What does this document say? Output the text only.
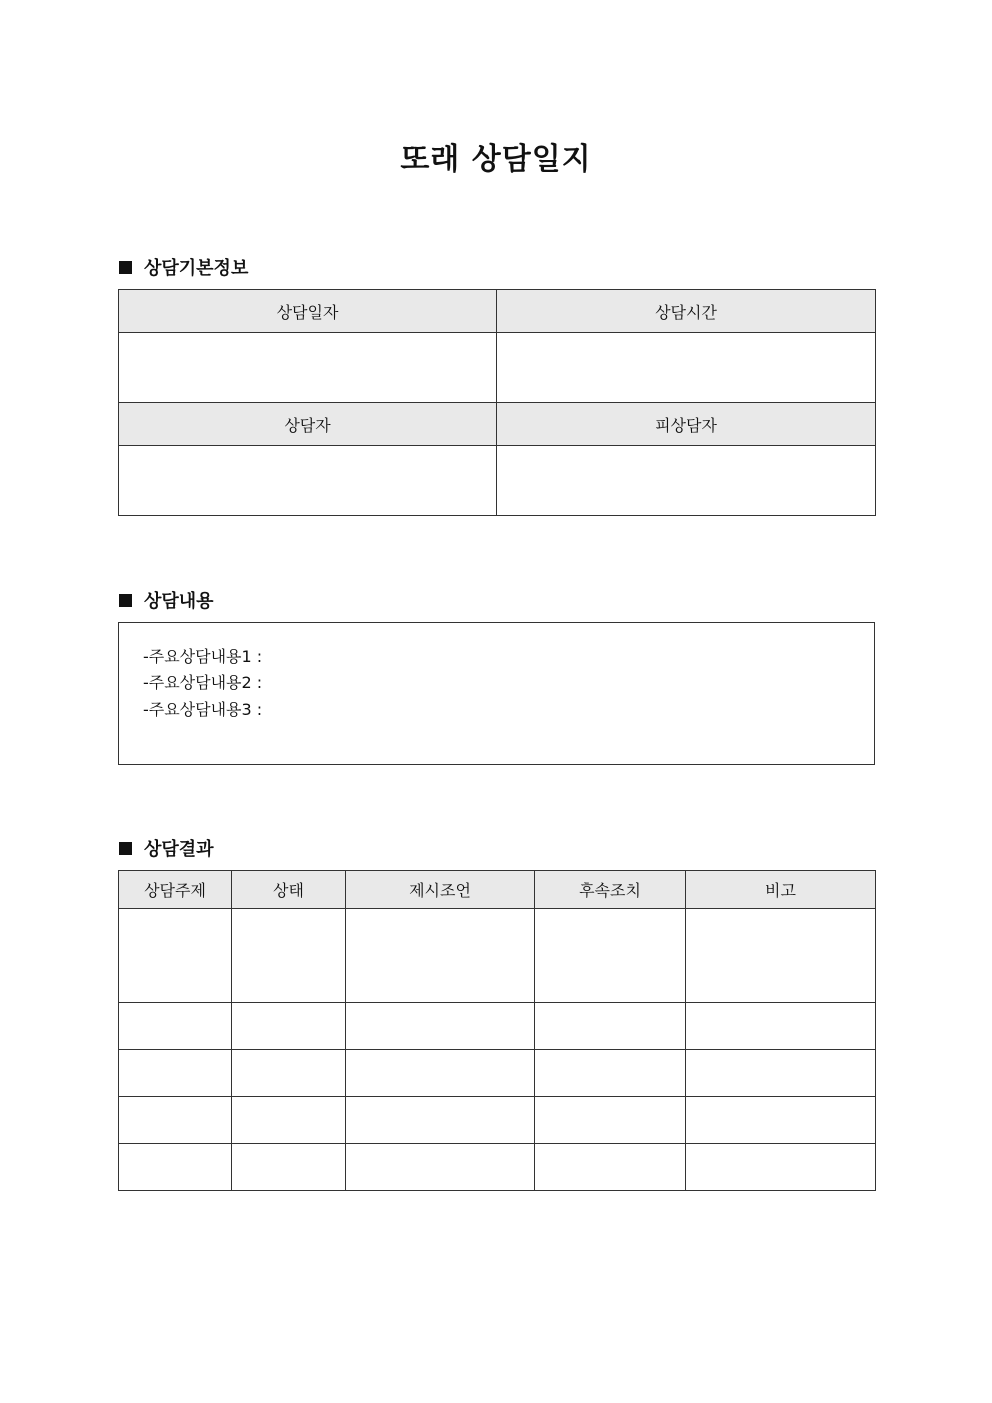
또래 상담일지
상담기본정보
상담일자	상담시간

상담자	피상담자

상담내용
-주요상담내용1 :
-주요상담내용2 :
-주요상담내용3 :
상담결과
상담주제	상태	제시조언	후속조치	비고
